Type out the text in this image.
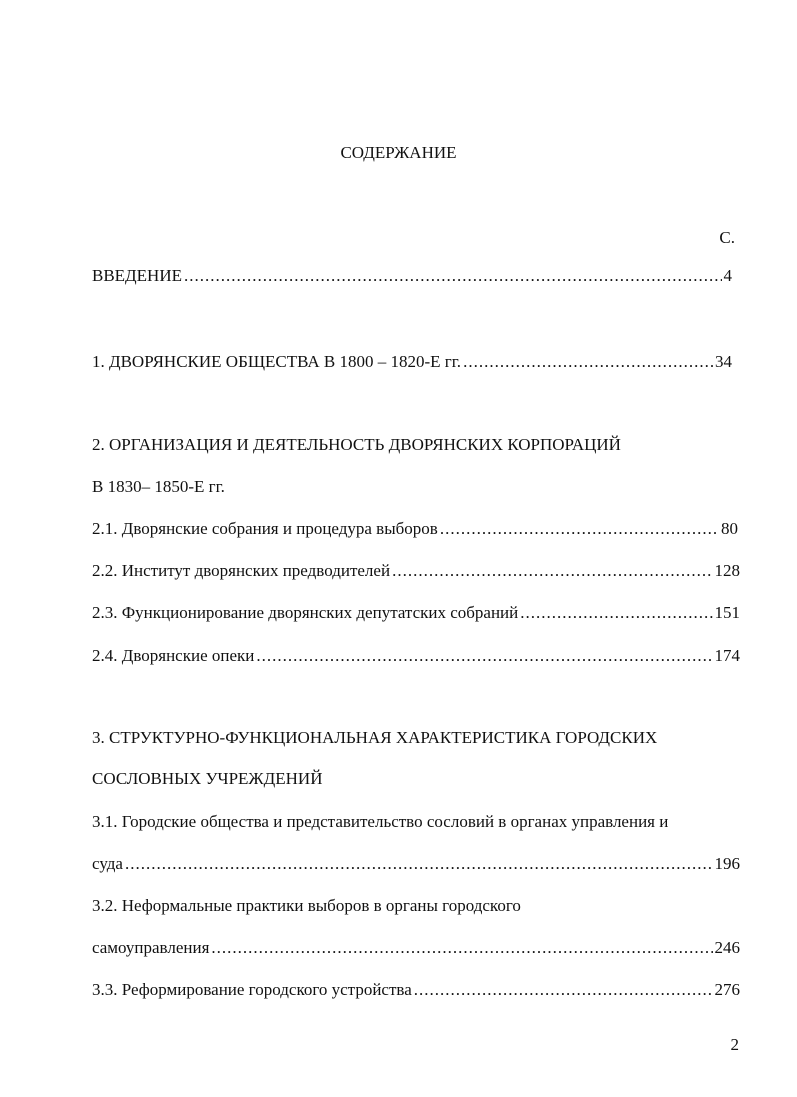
СОДЕРЖАНИЕ
С.
ВВЕДЕНИЕ .....	4
1. ДВОРЯНСКИЕ ОБЩЕСТВА В 1800 – 1820-Е гг. .....	34
2. ОРГАНИЗАЦИЯ И ДЕЯТЕЛЬНОСТЬ ДВОРЯНСКИХ КОРПОРАЦИЙ
В 1830– 1850-Е гг.
2.1. Дворянские собрания и процедура выборов .....	80
2.2. Институт дворянских предводителей .....	128
2.3. Функционирование дворянских депутатских собраний .....	151
2.4. Дворянские опеки .....	174
3. СТРУКТУРНО-ФУНКЦИОНАЛЬНАЯ ХАРАКТЕРИСТИКА ГОРОДСКИХ
СОСЛОВНЫХ УЧРЕЖДЕНИЙ
3.1. Городские общества и представительство сословий в органах управления и
суда .....	196
3.2. Неформальные практики выборов в органы городского
самоуправления .....	246
3.3. Реформирование городского устройства .....	276
2
